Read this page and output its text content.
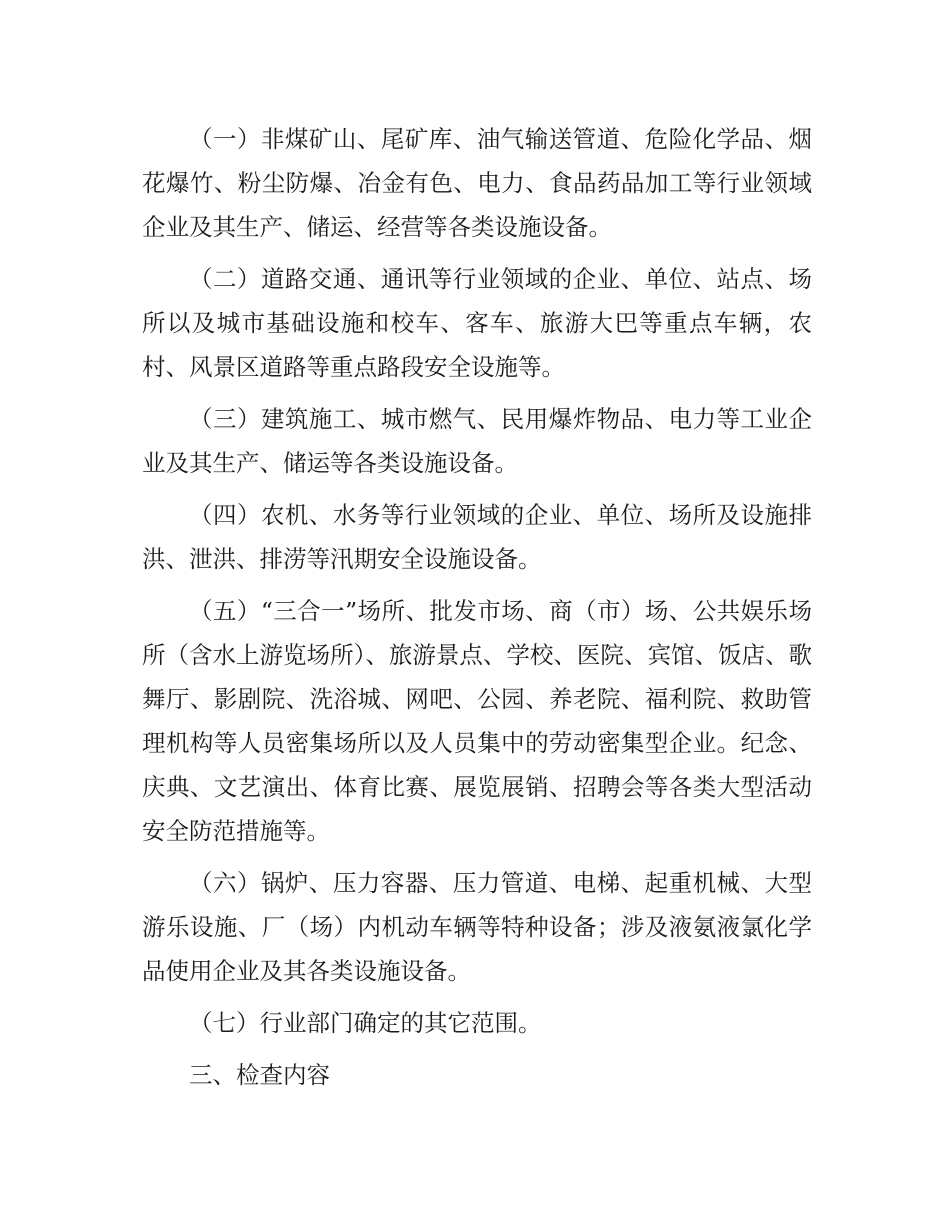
（一）非煤矿山、尾矿库、油气输送管道、危险化学品、烟花爆竹、粉尘防爆、冶金有色、电力、食品药品加工等行业领域企业及其生产、储运、经营等各类设施设备。

（二）道路交通、通讯等行业领域的企业、单位、站点、场所以及城市基础设施和校车、客车、旅游大巴等重点车辆，农村、风景区道路等重点路段安全设施等。

（三）建筑施工、城市燃气、民用爆炸物品、电力等工业企业及其生产、储运等各类设施设备。

（四）农机、水务等行业领域的企业、单位、场所及设施排洪、泄洪、排涝等汛期安全设施设备。

（五）“三合一”场所、批发市场、商（市）场、公共娱乐场所（含水上游览场所）、旅游景点、学校、医院、宾馆、饭店、歌舞厅、影剧院、洗浴城、网吧、公园、养老院、福利院、救助管理机构等人员密集场所以及人员集中的劳动密集型企业。纪念、庆典、文艺演出、体育比赛、展览展销、招聘会等各类大型活动安全防范措施等。

（六）锅炉、压力容器、压力管道、电梯、起重机械、大型游乐设施、厂（场）内机动车辆等特种设备；涉及液氨液氯化学品使用企业及其各类设施设备。

（七）行业部门确定的其它范围。

三、检查内容
